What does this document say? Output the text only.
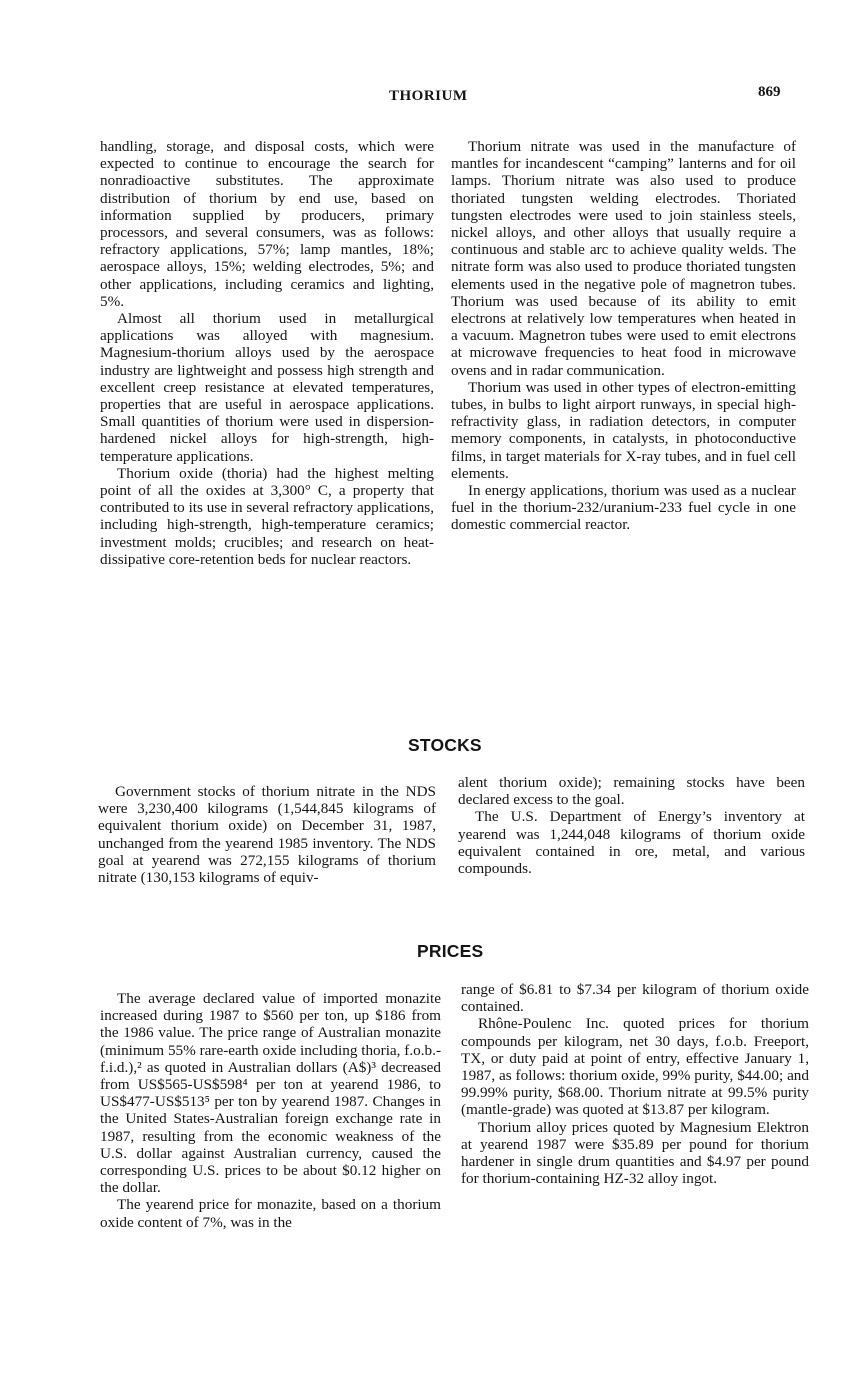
THORIUM	869

handling, storage, and disposal costs, which were expected to continue to encourage the search for nonradioactive substitutes. The approximate distribution of thorium by end use, based on information supplied by producers, primary processors, and several consumers, was as follows: refractory applications, 57%; lamp mantles, 18%; aerospace alloys, 15%; welding electrodes, 5%; and other applications, including ceramics and lighting, 5%.

Almost all thorium used in metallurgical applications was alloyed with magnesium. Magnesium-thorium alloys used by the aerospace industry are lightweight and possess high strength and excellent creep resistance at elevated temperatures, properties that are useful in aerospace applications. Small quantities of thorium were used in dispersion-hardened nickel alloys for high-strength, high-temperature applications.

Thorium oxide (thoria) had the highest melting point of all the oxides at 3,300° C, a property that contributed to its use in several refractory applications, including high-strength, high-temperature ceramics; investment molds; crucibles; and research on heat-dissipative core-retention beds for nuclear reactors.

Thorium nitrate was used in the manufacture of mantles for incandescent “camping” lanterns and for oil lamps. Thorium nitrate was also used to produce thoriated tungsten welding electrodes. Thoriated tungsten electrodes were used to join stainless steels, nickel alloys, and other alloys that usually require a continuous and stable arc to achieve quality welds. The nitrate form was also used to produce thoriated tungsten elements used in the negative pole of magnetron tubes. Thorium was used because of its ability to emit electrons at relatively low temperatures when heated in a vacuum. Magnetron tubes were used to emit electrons at microwave frequencies to heat food in microwave ovens and in radar communication.

Thorium was used in other types of electron-emitting tubes, in bulbs to light airport runways, in special high-refractivity glass, in radiation detectors, in computer memory components, in catalysts, in photoconductive films, in target materials for X-ray tubes, and in fuel cell elements.

In energy applications, thorium was used as a nuclear fuel in the thorium-232/uranium-233 fuel cycle in one domestic commercial reactor.

STOCKS

Government stocks of thorium nitrate in the NDS were 3,230,400 kilograms (1,544,845 kilograms of equivalent thorium oxide) on December 31, 1987, unchanged from the yearend 1985 inventory. The NDS goal at yearend was 272,155 kilograms of thorium nitrate (130,153 kilograms of equiv-

alent thorium oxide); remaining stocks have been declared excess to the goal.

The U.S. Department of Energy’s inventory at yearend was 1,244,048 kilograms of thorium oxide equivalent contained in ore, metal, and various compounds.

PRICES

The average declared value of imported monazite increased during 1987 to $560 per ton, up $186 from the 1986 value. The price range of Australian monazite (minimum 55% rare-earth oxide including thoria, f.o.b.-f.i.d.),² as quoted in Australian dollars (A$)³ decreased from US$565-US$598⁴ per ton at yearend 1986, to US$477-US$513⁵ per ton by yearend 1987. Changes in the United States-Australian foreign exchange rate in 1987, resulting from the economic weakness of the U.S. dollar against Australian currency, caused the corresponding U.S. prices to be about $0.12 higher on the dollar.

The yearend price for monazite, based on a thorium oxide content of 7%, was in the

range of $6.81 to $7.34 per kilogram of thorium oxide contained.

Rhône-Poulenc Inc. quoted prices for thorium compounds per kilogram, net 30 days, f.o.b. Freeport, TX, or duty paid at point of entry, effective January 1, 1987, as follows: thorium oxide, 99% purity, $44.00; and 99.99% purity, $68.00. Thorium nitrate at 99.5% purity (mantle-grade) was quoted at $13.87 per kilogram.

Thorium alloy prices quoted by Magnesium Elektron at yearend 1987 were $35.89 per pound for thorium hardener in single drum quantities and $4.97 per pound for thorium-containing HZ-32 alloy ingot.
